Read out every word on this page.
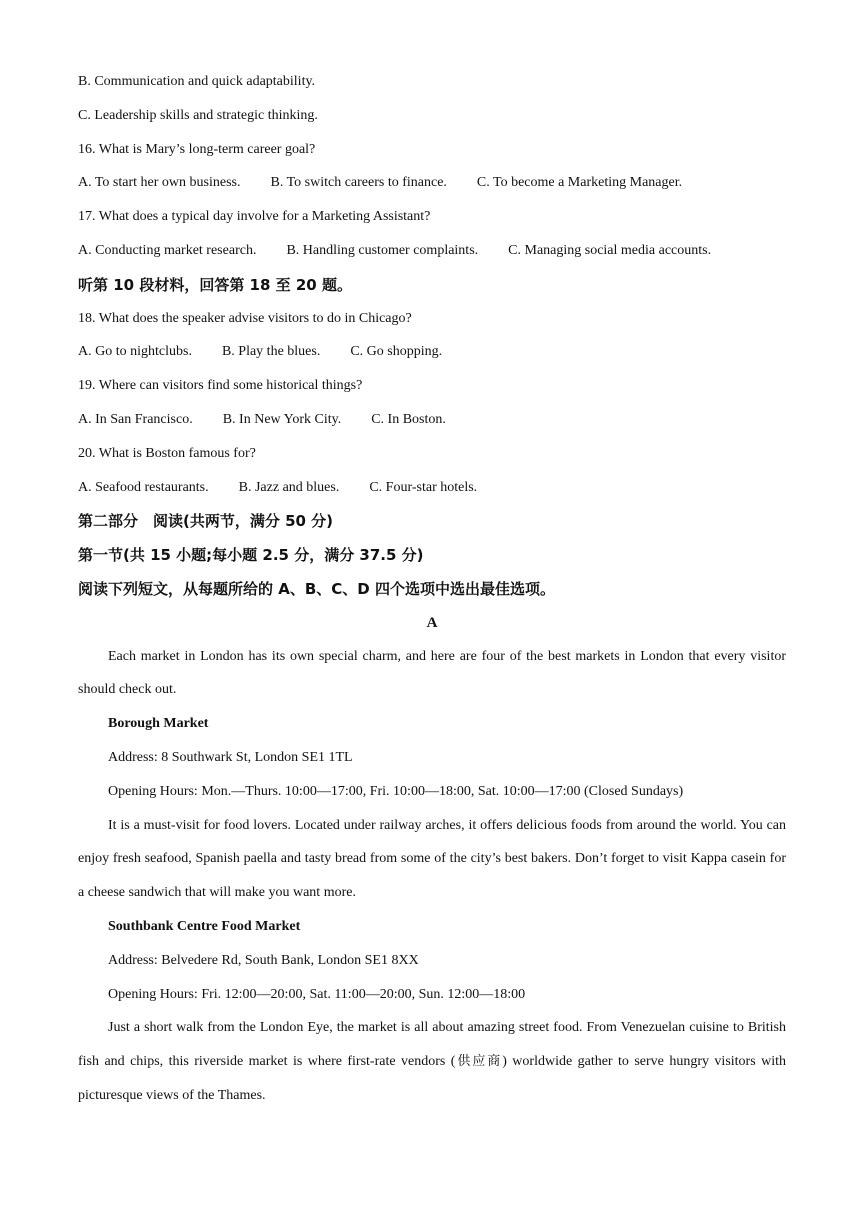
B. Communication and quick adaptability.
C. Leadership skills and strategic thinking.
16. What is Mary’s long-term career goal?
A. To start her own business. B. To switch careers to finance. C. To become a Marketing Manager.
17. What does a typical day involve for a Marketing Assistant?
A. Conducting market research. B. Handling customer complaints. C. Managing social media accounts.
听第 10 段材料，回答第 18 至 20 题。
18. What does the speaker advise visitors to do in Chicago?
A. Go to nightclubs. B. Play the blues. C. Go shopping.
19. Where can visitors find some historical things?
A. In San Francisco. B. In New York City. C. In Boston.
20. What is Boston famous for?
A. Seafood restaurants. B. Jazz and blues. C. Four-star hotels.
第二部分　阅读(共两节，满分 50 分)
第一节(共 15 小题;每小题 2.5 分，满分 37.5 分)
阅读下列短文，从每题所给的 A、B、C、D 四个选项中选出最佳选项。
A
Each market in London has its own special charm, and here are four of the best markets in London that every visitor should check out.
Borough Market
Address: 8 Southwark St, London SE1 1TL
Opening Hours: Mon.—Thurs. 10:00—17:00, Fri. 10:00—18:00, Sat. 10:00—17:00 (Closed Sundays)
It is a must-visit for food lovers. Located under railway arches, it offers delicious foods from around the world. You can enjoy fresh seafood, Spanish paella and tasty bread from some of the city’s best bakers. Don’t forget to visit Kappa casein for a cheese sandwich that will make you want more.
Southbank Centre Food Market
Address: Belvedere Rd, South Bank, London SE1 8XX
Opening Hours: Fri. 12:00—20:00, Sat. 11:00—20:00, Sun. 12:00—18:00
Just a short walk from the London Eye, the market is all about amazing street food. From Venezuelan cuisine to British fish and chips, this riverside market is where first-rate vendors (供应商) worldwide gather to serve hungry visitors with picturesque views of the Thames.
